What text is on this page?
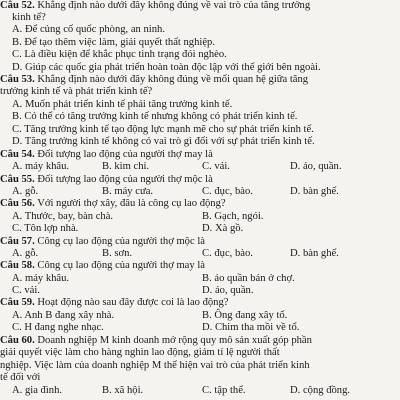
Câu 52. Khẳng định nào dưới đây không đúng về vai trò của tăng trưởng
kinh tế?
A. Để củng cố quốc phòng, an ninh.
B. Để tạo thêm việc làm, giải quyết thất nghiệp.
C. Là điều kiện để khắc phục tình trạng đói nghèo.
D. Giúp các quốc gia phát triển hoàn toàn độc lập với thế giới bên ngoài.
Câu 53. Khẳng định nào dưới đây không đúng về mối quan hệ giữa tăng
trưởng kinh tế và phát triển kinh tế?
A. Muốn phát triển kinh tế phải tăng trưởng kinh tế.
B. Có thể có tăng trưởng kinh tế nhưng không có phát triển kinh tế.
C. Tăng trưởng kinh tế tạo động lực mạnh mẽ cho sự phát triển kinh tế.
D. Tăng trưởng kinh tế không có vai trò gì đối với sự phát triển kinh tế.
Câu 54. Đối tượng lao động của người thợ may là
A. máy khâu.	B. kim chỉ.	C. vải.	D. áo, quần.
Câu 55. Đối tượng lao động của người thợ mộc là
A. gỗ.	B. máy cưa.	C. đục, bào.	D. bàn ghế.
Câu 56. Với người thợ xây, đâu là công cụ lao động?
A. Thước, bay, bàn chà.	B. Gạch, ngói.
C. Tôn lợp nhà.	D. Xà gồ.
Câu 57. Công cụ lao động của người thợ mộc là
A. gỗ.	B. sơn.	C. đục, bào.	D. bàn ghế.
Câu 58. Công cụ lao động của người thợ may là
A. máy khâu.	B. áo quần bán ở chợ.
C. vải.	D. áo, quần.
Câu 59. Hoạt động nào sau đây được coi là lao động?
A. Anh B đang xây nhà.	B. Ông đang xây tổ.
C. H đang nghe nhạc.	D. Chim tha mồi về tổ.
Câu 60. Doanh nghiệp M kinh doanh mở rộng quy mô sản xuất góp phần
giải quyết việc làm cho hàng nghìn lao động, giảm tỉ lệ người thất
nghiệp. Việc làm của doanh nghiệp M thể hiện vai trò của phát triển kinh
tế đối với
A. gia đình.	B. xã hội.	C. tập thể.	D. cộng đồng.
